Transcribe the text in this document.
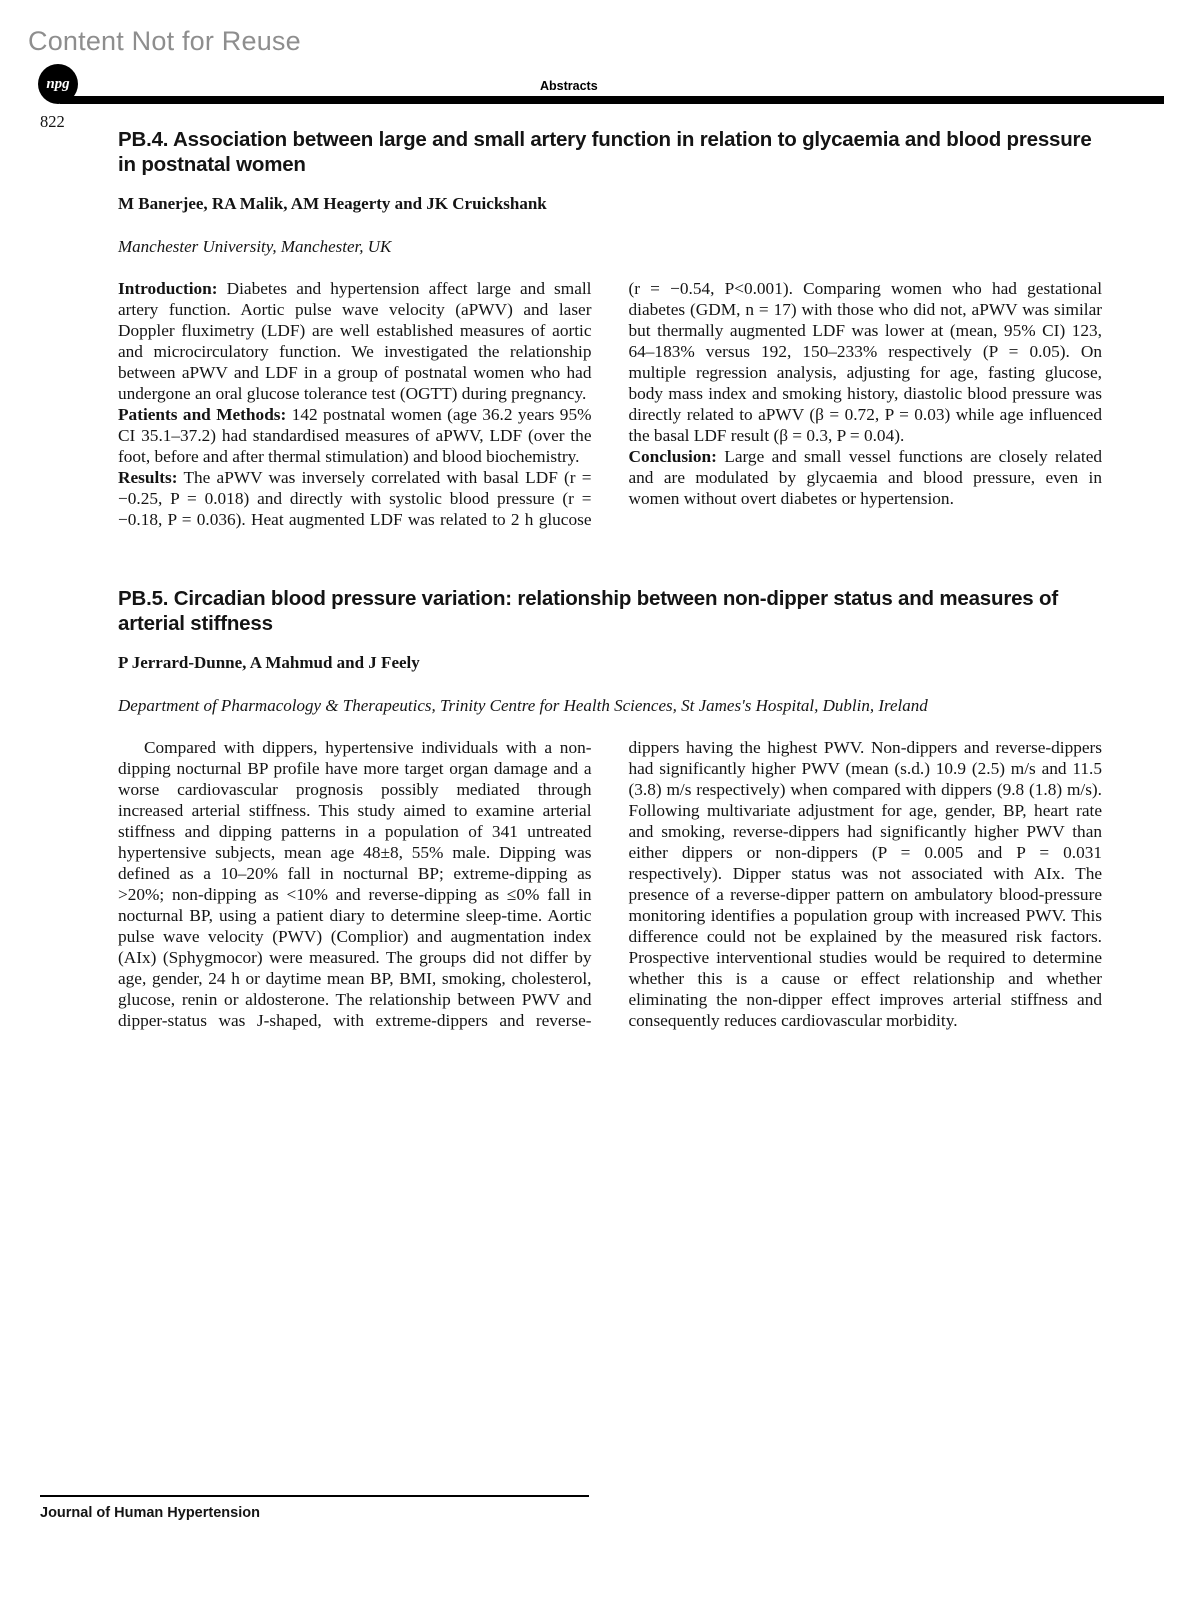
Content Not for Reuse
npg	Abstracts
822
PB.4. Association between large and small artery function in relation to glycaemia and blood pressure in postnatal women
M Banerjee, RA Malik, AM Heagerty and JK Cruickshank
Manchester University, Manchester, UK

Introduction: Diabetes and hypertension affect large and small artery function. Aortic pulse wave velocity (aPWV) and laser Doppler fluximetry (LDF) are well established measures of aortic and microcirculatory function. We investigated the relationship between aPWV and LDF in a group of postnatal women who had undergone an oral glucose tolerance test (OGTT) during pregnancy.

Patients and Methods: 142 postnatal women (age 36.2 years 95% CI 35.1–37.2) had standardised measures of aPWV, LDF (over the foot, before and after thermal stimulation) and blood biochemistry.

Results: The aPWV was inversely correlated with basal LDF (r = −0.25, P = 0.018) and directly with systolic blood pressure (r = −0.18, P = 0.036). Heat augmented LDF was related to 2 h glucose (r = −0.54, P<0.001). Comparing women who had gestational diabetes (GDM, n = 17) with those who did not, aPWV was similar but thermally augmented LDF was lower at (mean, 95% CI) 123, 64–183% versus 192, 150–233% respectively (P = 0.05). On multiple regression analysis, adjusting for age, fasting glucose, body mass index and smoking history, diastolic blood pressure was directly related to aPWV (β = 0.72, P = 0.03) while age influenced the basal LDF result (β = 0.3, P = 0.04).

Conclusion: Large and small vessel functions are closely related and are modulated by glycaemia and blood pressure, even in women without overt diabetes or hypertension.

PB.5. Circadian blood pressure variation: relationship between non-dipper status and measures of arterial stiffness
P Jerrard-Dunne, A Mahmud and J Feely
Department of Pharmacology & Therapeutics, Trinity Centre for Health Sciences, St James's Hospital, Dublin, Ireland

Compared with dippers, hypertensive individuals with a non-dipping nocturnal BP profile have more target organ damage and a worse cardiovascular prognosis possibly mediated through increased arterial stiffness. This study aimed to examine arterial stiffness and dipping patterns in a population of 341 untreated hypertensive subjects, mean age 48±8, 55% male. Dipping was defined as a 10–20% fall in nocturnal BP; extreme-dipping as >20%; non-dipping as <10% and reverse-dipping as ≤0% fall in nocturnal BP, using a patient diary to determine sleep-time. Aortic pulse wave velocity (PWV) (Complior) and augmentation index (AIx) (Sphygmocor) were measured. The groups did not differ by age, gender, 24 h or daytime mean BP, BMI, smoking, cholesterol, glucose, renin or aldosterone. The relationship between PWV and dipper-status was J-shaped, with extreme-dippers and reverse-dippers having the highest PWV. Non-dippers and reverse-dippers had significantly higher PWV (mean (s.d.) 10.9 (2.5) m/s and 11.5 (3.8) m/s respectively) when compared with dippers (9.8 (1.8) m/s). Following multivariate adjustment for age, gender, BP, heart rate and smoking, reverse-dippers had significantly higher PWV than either dippers or non-dippers (P = 0.005 and P = 0.031 respectively). Dipper status was not associated with AIx. The presence of a reverse-dipper pattern on ambulatory blood-pressure monitoring identifies a population group with increased PWV. This difference could not be explained by the measured risk factors. Prospective interventional studies would be required to determine whether this is a cause or effect relationship and whether eliminating the non-dipper effect improves arterial stiffness and consequently reduces cardiovascular morbidity.

Journal of Human Hypertension
